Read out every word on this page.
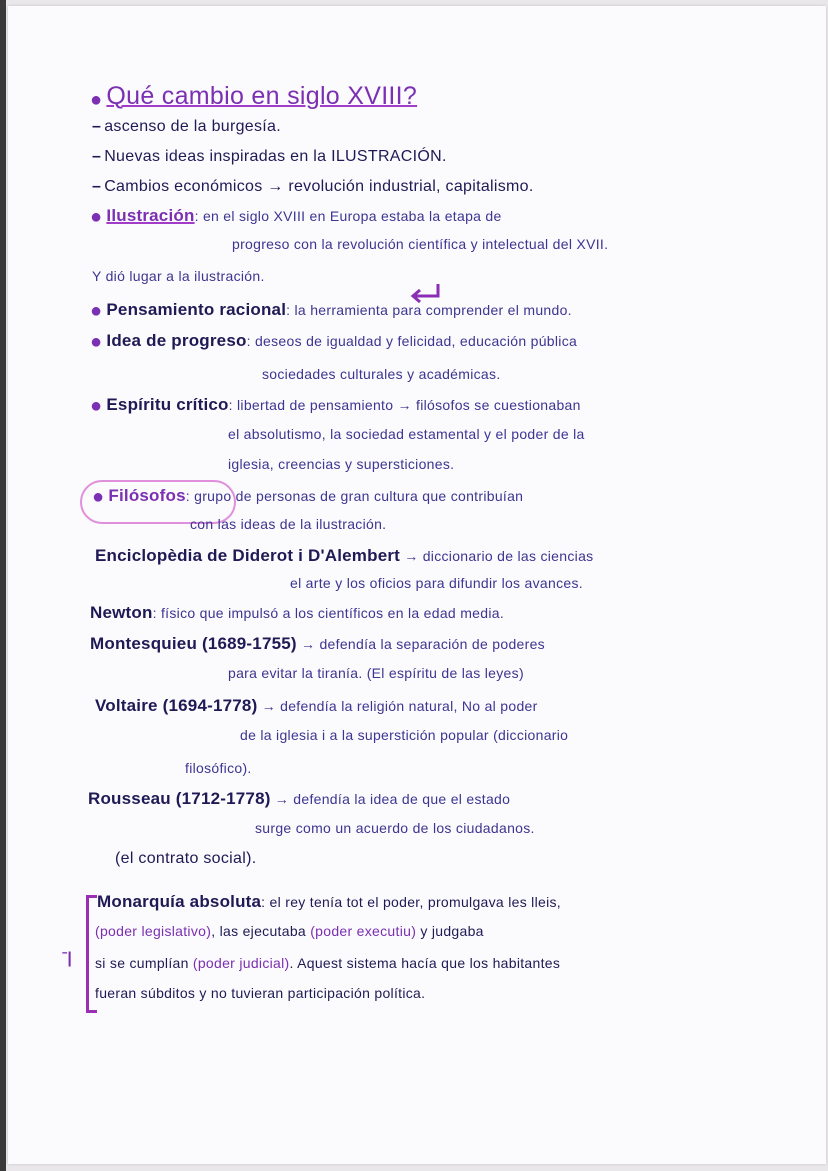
● Qué cambio en siglo XVIII?
– ascenso de la burgesía.
– Nuevas ideas inspiradas en la ILUSTRACIÓN.
– Cambios económicos → revolución industrial, capitalismo.
● Ilustración: en el siglo XVIII en Europa estaba la etapa de
progreso con la revolución científica y intelectual del XVII.
Y dió lugar a la ilustración.
● Pensamiento racional: la herramienta para comprender el mundo.
● Idea de progreso: deseos de igualdad y felicidad, educación pública
sociedades culturales y académicas.
● Espíritu crítico: libertad de pensamiento → filósofos se cuestionaban
el absolutismo, la sociedad estamental y el poder de la
iglesia, creencias y supersticiones.
● Filósofos: grupo de personas de gran cultura que contribuían
con las ideas de la ilustración.
Enciclopèdia de Diderot i D'Alembert → diccionario de las ciencias
el arte y los oficios para difundir los avances.
Newton: físico que impulsó a los científicos en la edad media.
Montesquieu (1689-1755) → defendía la separación de poderes
para evitar la tiranía. (El espíritu de las leyes)
Voltaire (1694-1778) → defendía la religión natural, No al poder
de la iglesia i a la superstición popular (diccionario
filosófico).
Rousseau (1712-1778) → defendía la idea de que el estado
surge como un acuerdo de los ciudadanos.
(el contrato social).
ˉ|
Monarquía absoluta: el rey tenía tot el poder, promulgava les lleis,
(poder legislativo), las ejecutaba (poder executiu) y judgaba
si se cumplían (poder judicial). Aquest sistema hacía que los habitantes
fueran súbditos y no tuvieran participación política.
